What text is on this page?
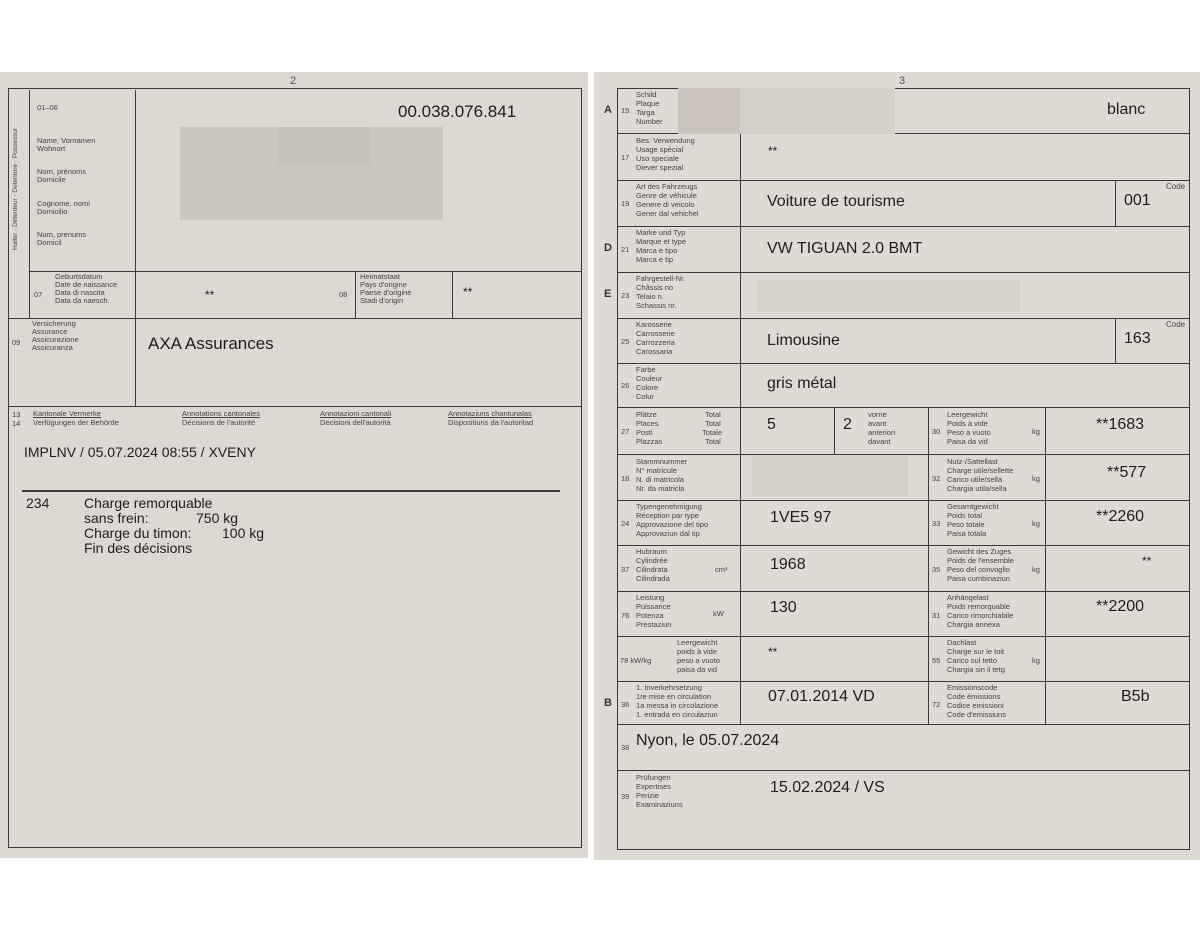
2
Halter · Détenteur · Detentore · Possessur
01–06	00.038.076.841
Name, Vornamen
Wohnort
Nom, prénoms
Domicile
Cognome, nomi
Domicilio
Num, prenums
Domicil
07
Geburtsdatum
Date de naissance
Data di nascita
Data da naesch.	**	08
Heimatstaat
Pays d'origine
Paese d'origine
Stadi d'origin
**
09
Versicherung
Assurance
Assicurazione
Assicuranza	AXA Assurances
13
14
Kantonale Vermerke
Verfügungen der Behörde
Annotations cantonales
Décisions de l'autorité
Annotazioni cantonali
Decisioni dell'autorità
Annotaziuns chantunalas
Dispositiuns da l'autoritad
IMPLNV / 05.07.2024 08:55 / XVENY
234 Charge remorquable
sans frein:	750 kg
Charge du timon: 100 kg
Fin des décisions
3
A 15
Schild
Plaque
Targa
Number
blanc
17
Bes. Verwendung
Usage spécial
Uso speciale
Diever spezial
**
19
Art des Fahrzeugs
Genre de véhicule
Genere di veicolo
Gener dal vehichel
Voiture de tourisme
Code
001
D 21
Marke und Typ
Marque et type
Marca e tipo
Marca e tip
VW TIGUAN 2.0 BMT
E 23
Fahrgestell-Nr.
Châssis no
Telaio n.
Schassis nr.
25
Karosserie
Carrosserie
Carrozzeria
Carossaria
Limousine
Code
163
26
Farbe
Couleur
Colore
Colur
gris métal
27
Plätze
Places
Posti
Plazzas
Total
Total
Totale
Total
5	2
vorne
avant
anteriori
davant
30
Leergewicht
Poids à vide
Peso a vuoto
Paisa da vid
kg	**1683
18
Stammnummer
N° matricule
N. di matricola
Nr. da matricla
32
Nutz-/Sattellast
Charge utile/sellette
Carico utile/sella
Chargia utila/sella
kg	**577
24
Typengenehmigung
Réception par type
Approvazione del tipo
Approvaziun dal tip
1VE5 97	33
Gesamtgewicht
Poids total
Peso totale
Paisa totala
kg	**2260
37
Hubraum
Cylindrée
Cilindrata
Cilindrada
cm³	1968	35
Gewicht des Zuges
Poids de l'ensemble
Peso del convoglio
Paisa cumbinaziun
kg
**
76
Leistung
Puissance
Potenza
Prestaziun
kW	130	31
Anhängelast
Poids remorquable
Carico rimorchiabile
Chargia annexa
**2200
78 kW/kg
Leergewicht
poids à vide
peso a vuoto
paisa da vid
**
55
Dachlast
Charge sur le toit
Carico sul tetto
Chargia sin il tetg
kg
B 36
1. Inverkehrsetzung
1re mise en circulation
1a messa in circolazione
1. entrada en circulaziun
07.01.2014 VD	72
Emissionscode
Code émissions
Codice emissioni
Code d'emissiuns
B5b
38 Nyon, le 05.07.2024
39
Prüfungen
Expertises
Perizie
Examinaziuns
15.02.2024 / VS
